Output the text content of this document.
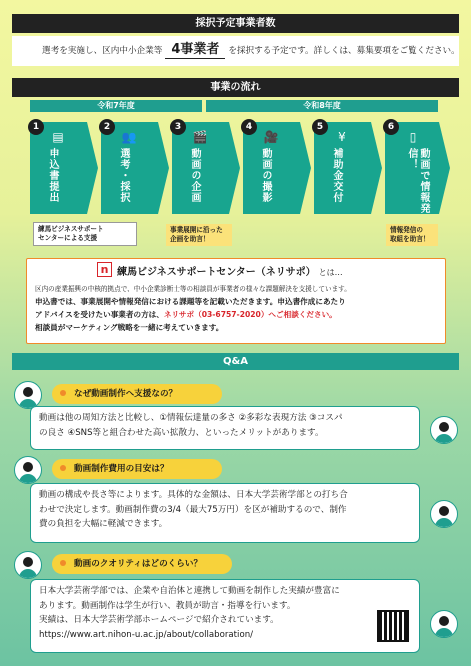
採択予定事業者数
選考を実施し、区内中小企業等 4事業者 を採択する予定です。詳しくは、募集要項をご覧ください。
事業の流れ
令和7年度	令和8年度
1
▤
申込書提出
2
👥
選考・採択
3
🎬
動画の企画
4
🎥
動画の撮影
5
¥
補助金交付
6
▯
動画で情報発信！
練馬ビジネスサポート
センターによる支援
事業展開に沿った
企画を助言！
情報発信の
取組を助言！
n 練馬ビジネスサポートセンター（ネリサポ） とは…
区内の産業振興の中核的拠点で、中小企業診断士等の相談員が事業者の様々な課題解決を支援しています。
申込書では、事業展開や情報発信における課題等を記載いただきます。申込書作成にあたり
アドバイスを受けたい事業者の方は、ネリサポ（03-6757-2020）へご相談ください。
相談員がマーケティング戦略を一緒に考えていきます。
Q&A
なぜ動画制作へ支援なの？
動画は他の周知方法と比較し、①情報伝達量の多さ ②多彩な表現方法 ③コスパ
の良さ ④SNS等と組合わせた高い拡散力、といったメリットがあります。
動画制作費用の目安は？
動画の構成や長さ等によります。具体的な金額は、日本大学芸術学部との打ち合
わせで決定します。動画制作費の3/4（最大75万円）を区が補助するので、制作
費の負担を大幅に軽減できます。
動画のクオリティはどのくらい？
日本大学芸術学部では、企業や自治体と連携して動画を制作した実績が豊富に
あります。動画制作は学生が行い、教員が助言・指導を行います。
実績は、日本大学芸術学部ホームページで紹介されています。
https://www.art.nihon-u.ac.jp/about/collaboration/
